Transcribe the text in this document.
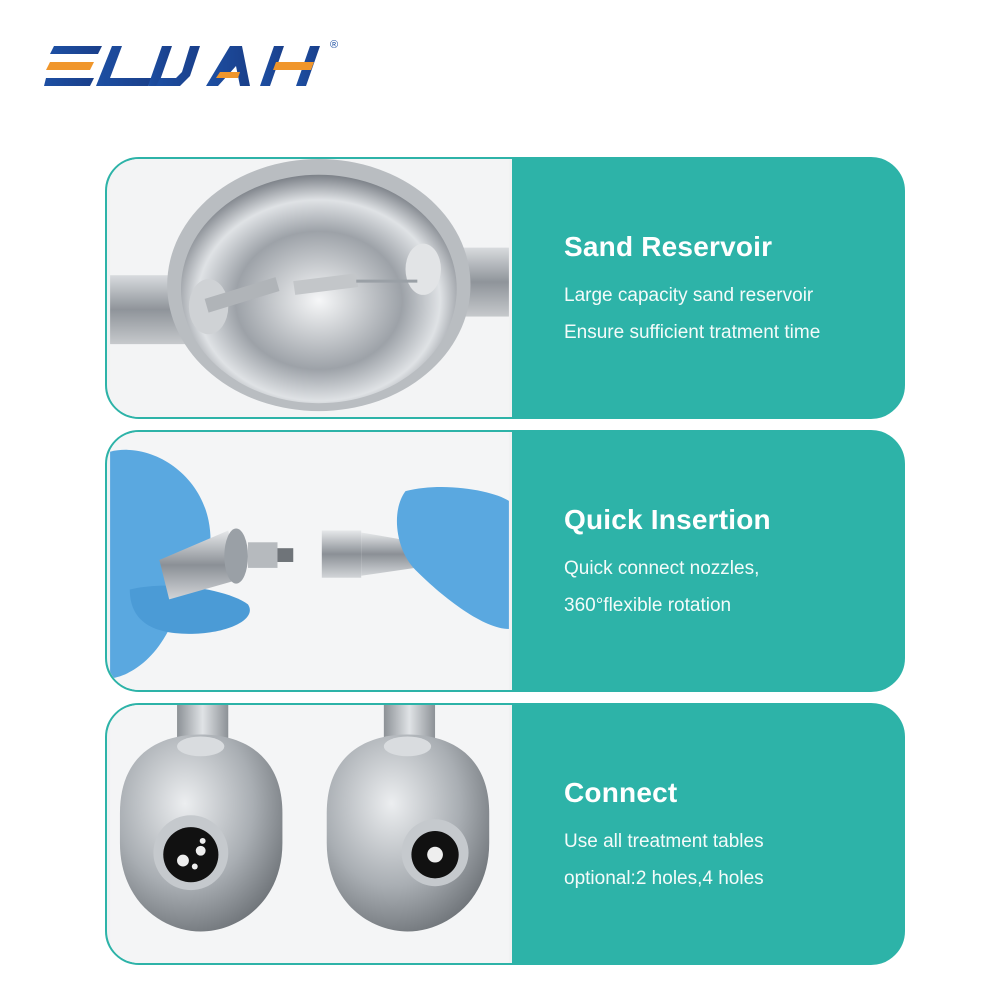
®
Sand Reservoir
Large capacity sand reservoir
Ensure sufficient tratment time
Quick Insertion
Quick connect nozzles,
360°flexible rotation
Connect
Use all treatment tables
optional:2 holes,4 holes
